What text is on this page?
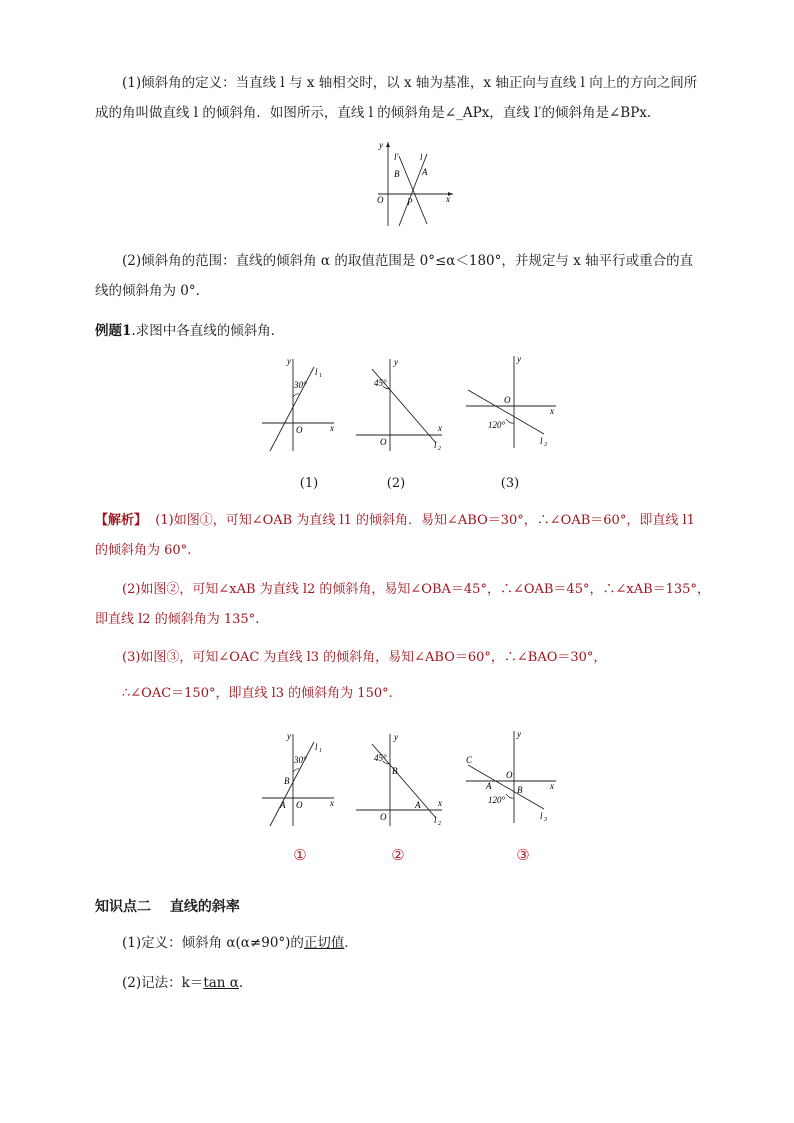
(1)倾斜角的定义：当直线 l 与 x 轴相交时，以 x 轴为基准，x 轴正向与直线 l 向上的方向之间所
成的角叫做直线 l 的倾斜角．如图所示，直线 l 的倾斜角是∠_APx，直线 l′的倾斜角是∠BPx.
y
x
O
l′ l
B	A
P
(2)倾斜角的范围：直线的倾斜角 α 的取值范围是 0°≤α＜180°，并规定与 x 轴平行或重合的直
线的倾斜角为 0°.
例题1.求图中各直线的倾斜角．
y
x
O
30°
l 1
y
x
O
45°
l 2
y
x
O
120°
l 3
(1)	(2)	(3)
【解析】 (1)如图①，可知∠OAB 为直线 l1 的倾斜角．易知∠ABO＝30°，∴∠OAB＝60°，即直线 l1
的倾斜角为 60°.
(2)如图②，可知∠xAB 为直线 l2 的倾斜角，易知∠OBA＝45°，∴∠OAB＝45°，∴∠xAB＝135°，
即直线 l2 的倾斜角为 135°.
(3)如图③，可知∠OAC 为直线 l3 的倾斜角，易知∠ABO＝60°，∴∠BAO＝30°，
∴∠OAC＝150°，即直线 l3 的倾斜角为 150°.
y
x
O
A
B
30°
l 1
y
x
O
B
A
45°
l 2
y
x
O
C
A	B
120°
l 3
①	②	③
知识点二　 直线的斜率
(1)定义：倾斜角 α(α≠90°)的正切值．
(2)记法：k＝tan α.
